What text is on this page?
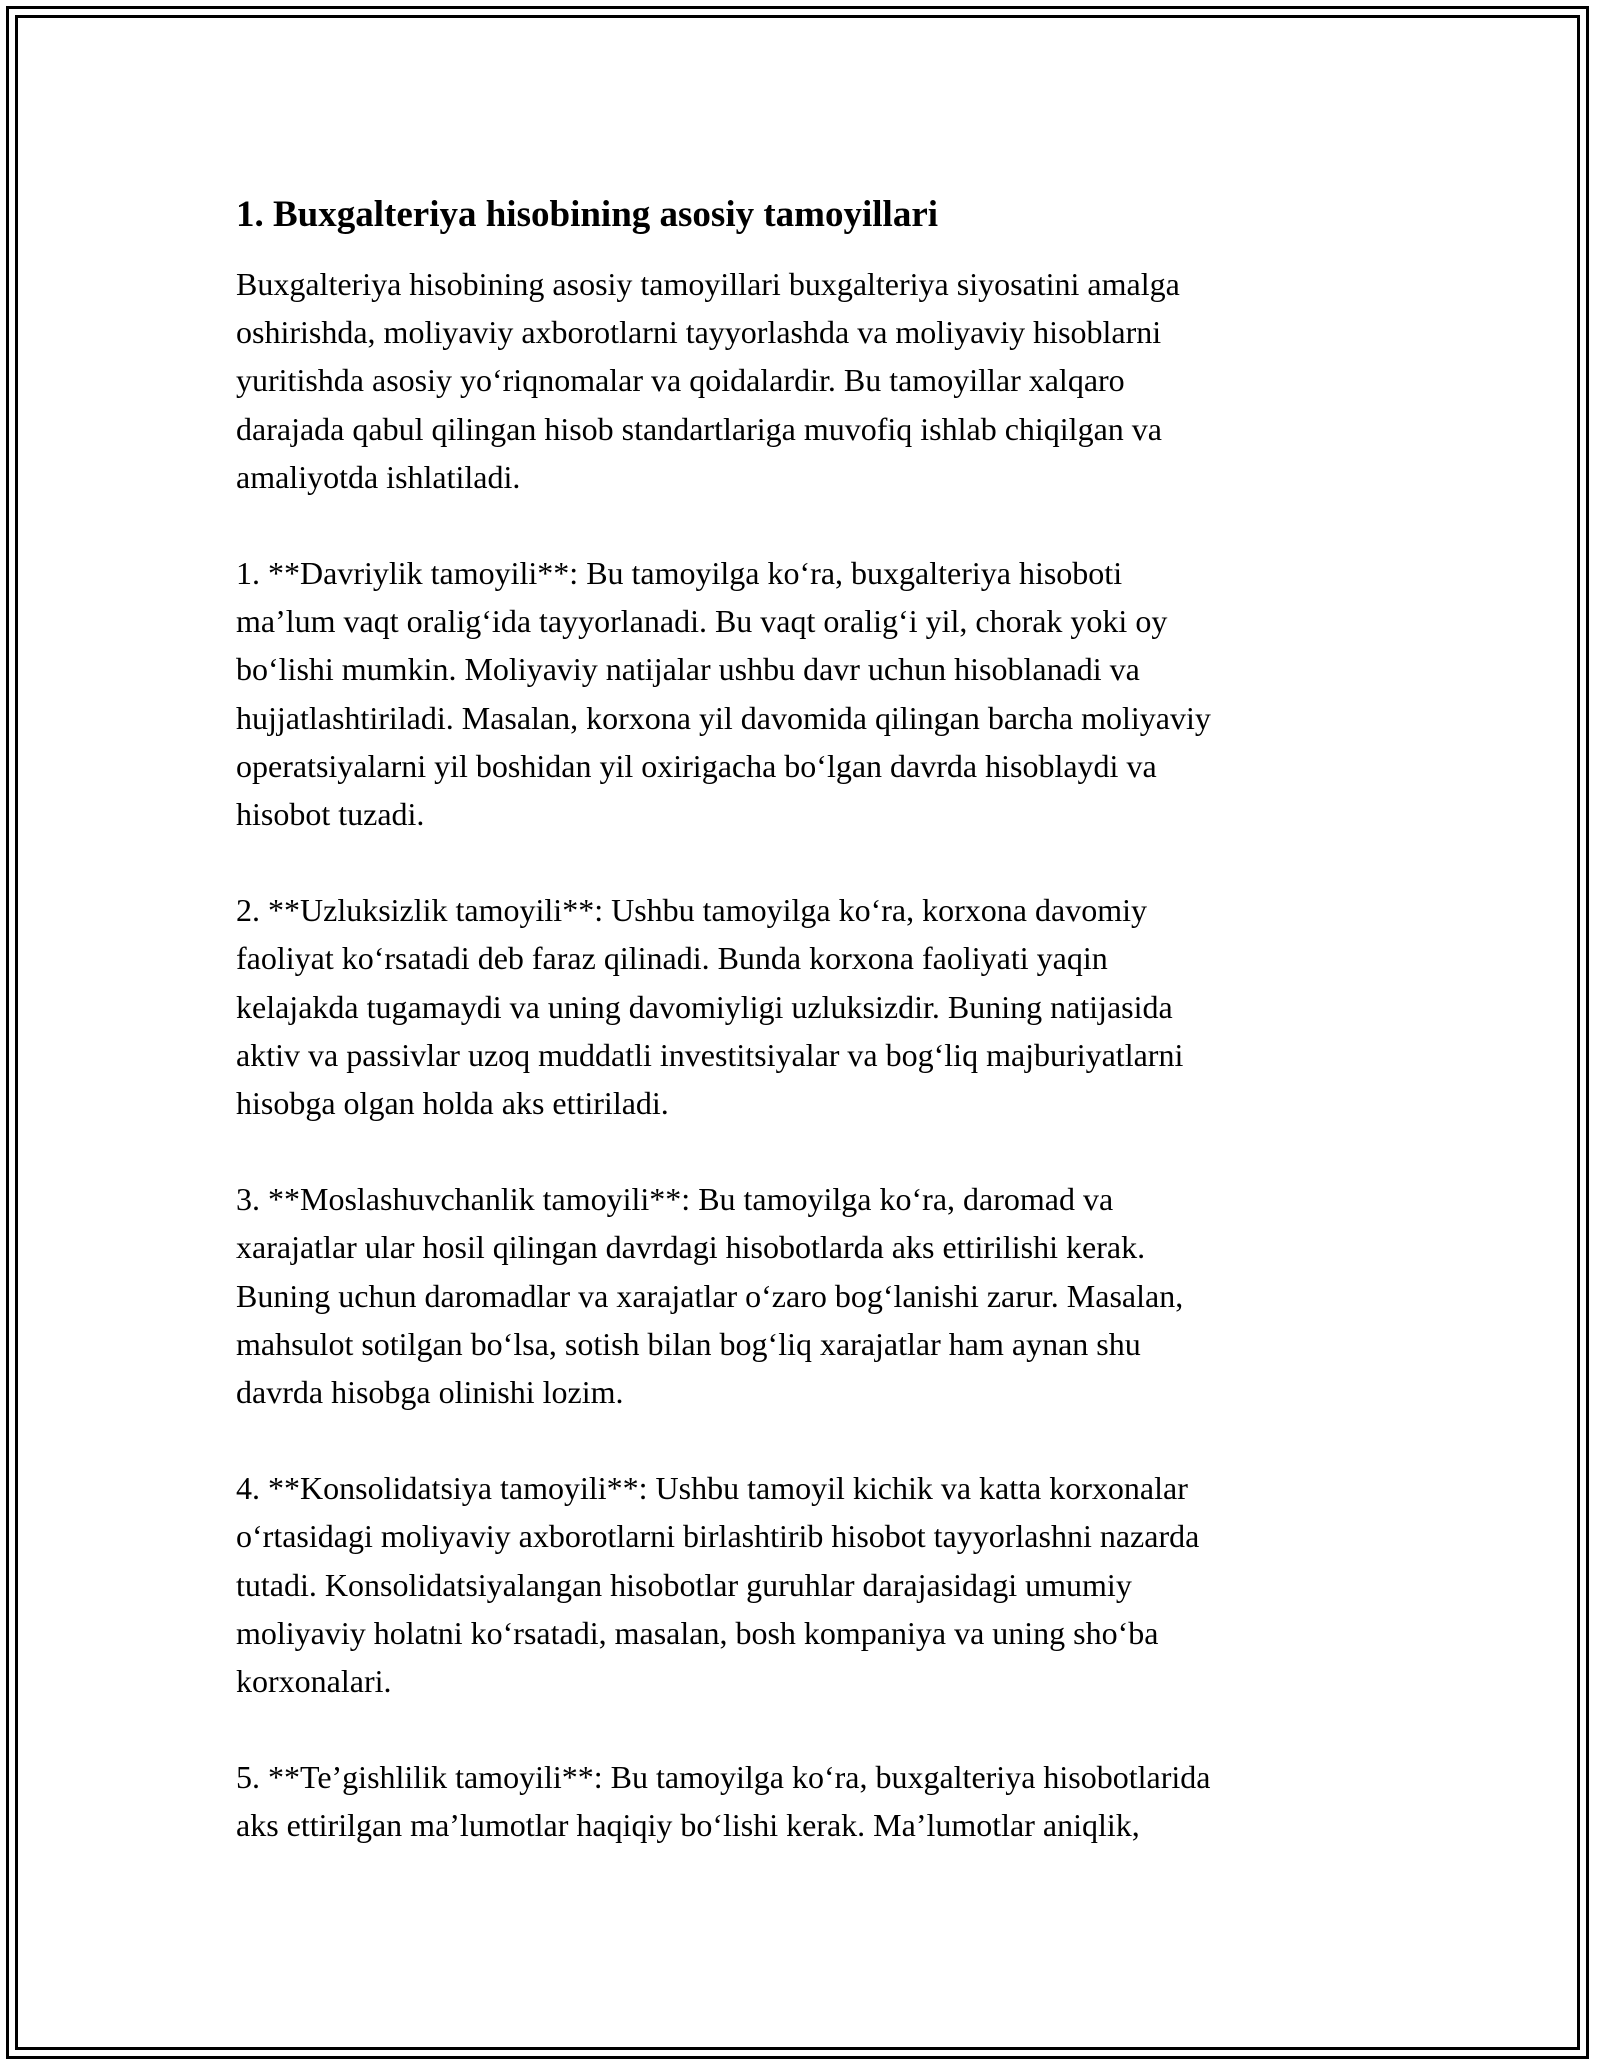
1. Buxgalteriya hisobining asosiy tamoyillari

Buxgalteriya hisobining asosiy tamoyillari buxgalteriya siyosatini amalga
oshirishda, moliyaviy axborotlarni tayyorlashda va moliyaviy hisoblarni
yuritishda asosiy yo‘riqnomalar va qoidalardir. Bu tamoyillar xalqaro
darajada qabul qilingan hisob standartlariga muvofiq ishlab chiqilgan va
amaliyotda ishlatiladi.

1. **Davriylik tamoyili**: Bu tamoyilga ko‘ra, buxgalteriya hisoboti
ma’lum vaqt oralig‘ida tayyorlanadi. Bu vaqt oralig‘i yil, chorak yoki oy
bo‘lishi mumkin. Moliyaviy natijalar ushbu davr uchun hisoblanadi va
hujjatlashtiriladi. Masalan, korxona yil davomida qilingan barcha moliyaviy
operatsiyalarni yil boshidan yil oxirigacha bo‘lgan davrda hisoblaydi va
hisobot tuzadi.

2. **Uzluksizlik tamoyili**: Ushbu tamoyilga ko‘ra, korxona davomiy
faoliyat ko‘rsatadi deb faraz qilinadi. Bunda korxona faoliyati yaqin
kelajakda tugamaydi va uning davomiyligi uzluksizdir. Buning natijasida
aktiv va passivlar uzoq muddatli investitsiyalar va bog‘liq majburiyatlarni
hisobga olgan holda aks ettiriladi.

3. **Moslashuvchanlik tamoyili**: Bu tamoyilga ko‘ra, daromad va
xarajatlar ular hosil qilingan davrdagi hisobotlarda aks ettirilishi kerak.
Buning uchun daromadlar va xarajatlar o‘zaro bog‘lanishi zarur. Masalan,
mahsulot sotilgan bo‘lsa, sotish bilan bog‘liq xarajatlar ham aynan shu
davrda hisobga olinishi lozim.

4. **Konsolidatsiya tamoyili**: Ushbu tamoyil kichik va katta korxonalar
o‘rtasidagi moliyaviy axborotlarni birlashtirib hisobot tayyorlashni nazarda
tutadi. Konsolidatsiyalangan hisobotlar guruhlar darajasidagi umumiy
moliyaviy holatni ko‘rsatadi, masalan, bosh kompaniya va uning sho‘ba
korxonalari.

5. **Te’gishlilik tamoyili**: Bu tamoyilga ko‘ra, buxgalteriya hisobotlarida
aks ettirilgan ma’lumotlar haqiqiy bo‘lishi kerak. Ma’lumotlar aniqlik,
